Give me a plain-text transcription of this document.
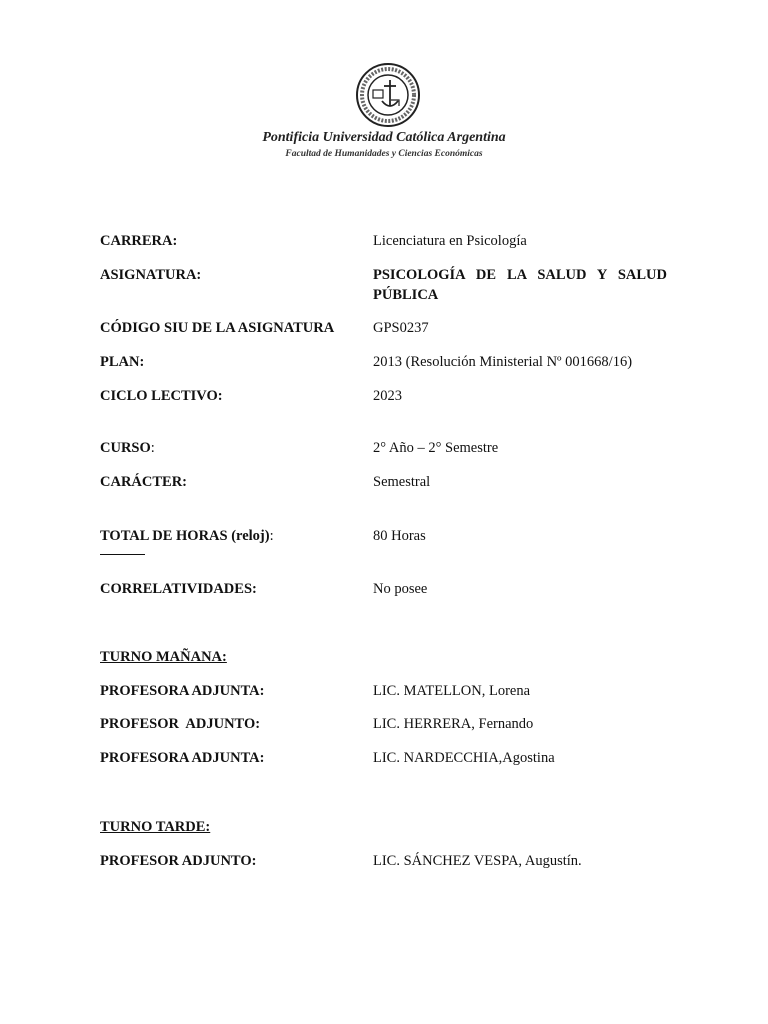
Pontificia Universidad Católica Argentina
Facultad de Humanidades y Ciencias Económicas
CARRERA:	Licenciatura en Psicología
ASIGNATURA:	PSICOLOGÍA DE LA SALUD Y SALUD
PÚBLICA
CÓDIGO SIU DE LA ASIGNATURA	GPS0237
PLAN:	2013 (Resolución Ministerial Nº 001668/16)
CICLO LECTIVO:	2023
CURSO:	2° Año – 2° Semestre
CARÁCTER:	Semestral
TOTAL DE HORAS (reloj):	80 Horas
CORRELATIVIDADES:	No posee
TURNO MAÑANA:
PROFESORA ADJUNTA:	LIC. MATELLON, Lorena
PROFESOR  ADJUNTO:	LIC. HERRERA, Fernando
PROFESORA ADJUNTA:	LIC. NARDECCHIA,Agostina
TURNO TARDE:
PROFESOR ADJUNTO:	LIC. SÁNCHEZ VESPA, Augustín.
